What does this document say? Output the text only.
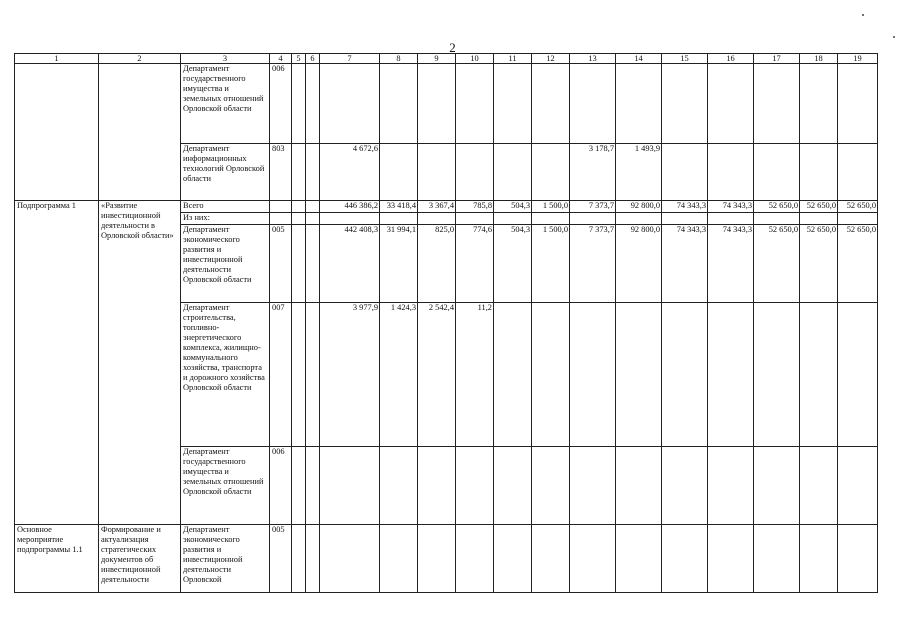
2
1	2	3	4	5	6	7	8	9	10	11	12	13	14	15	16	17	18	19
		Департамент государственного имущества и земельных отношений Орловской области	006															
		Департамент информационных технологий Орловской области	803			4 672,6						3 178,7	1 493,9					
Подпрограмма 1	«Развитие инвестиционной деятельности в Орловской области»	Всего				446 386,2	33 418,4	3 367,4	785,8	504,3	1 500,0	7 373,7	92 800,0	74 343,3	74 343,3	52 650,0	52 650,0	52 650,0
		Из них:																
		Департамент экономического развития и инвестиционной деятельности Орловской области	005			442 408,3	31 994,1	825,0	774,6	504,3	1 500,0	7 373,7	92 800,0	74 343,3	74 343,3	52 650,0	52 650,0	52 650,0
		Департамент строительства, топливно-энергетического комплекса, жилищно-коммунального хозяйства, транспорта и дорожного хозяйства Орловской области	007			3 977,9	1 424,3	2 542,4	11,2									
		Департамент государственного имущества и земельных отношений Орловской области	006															
Основное мероприятие подпрограммы 1.1	Формирование и актуализация стратегических документов об инвестиционной деятельности	Департамент экономического развития и инвестиционной деятельности Орловской	005															
